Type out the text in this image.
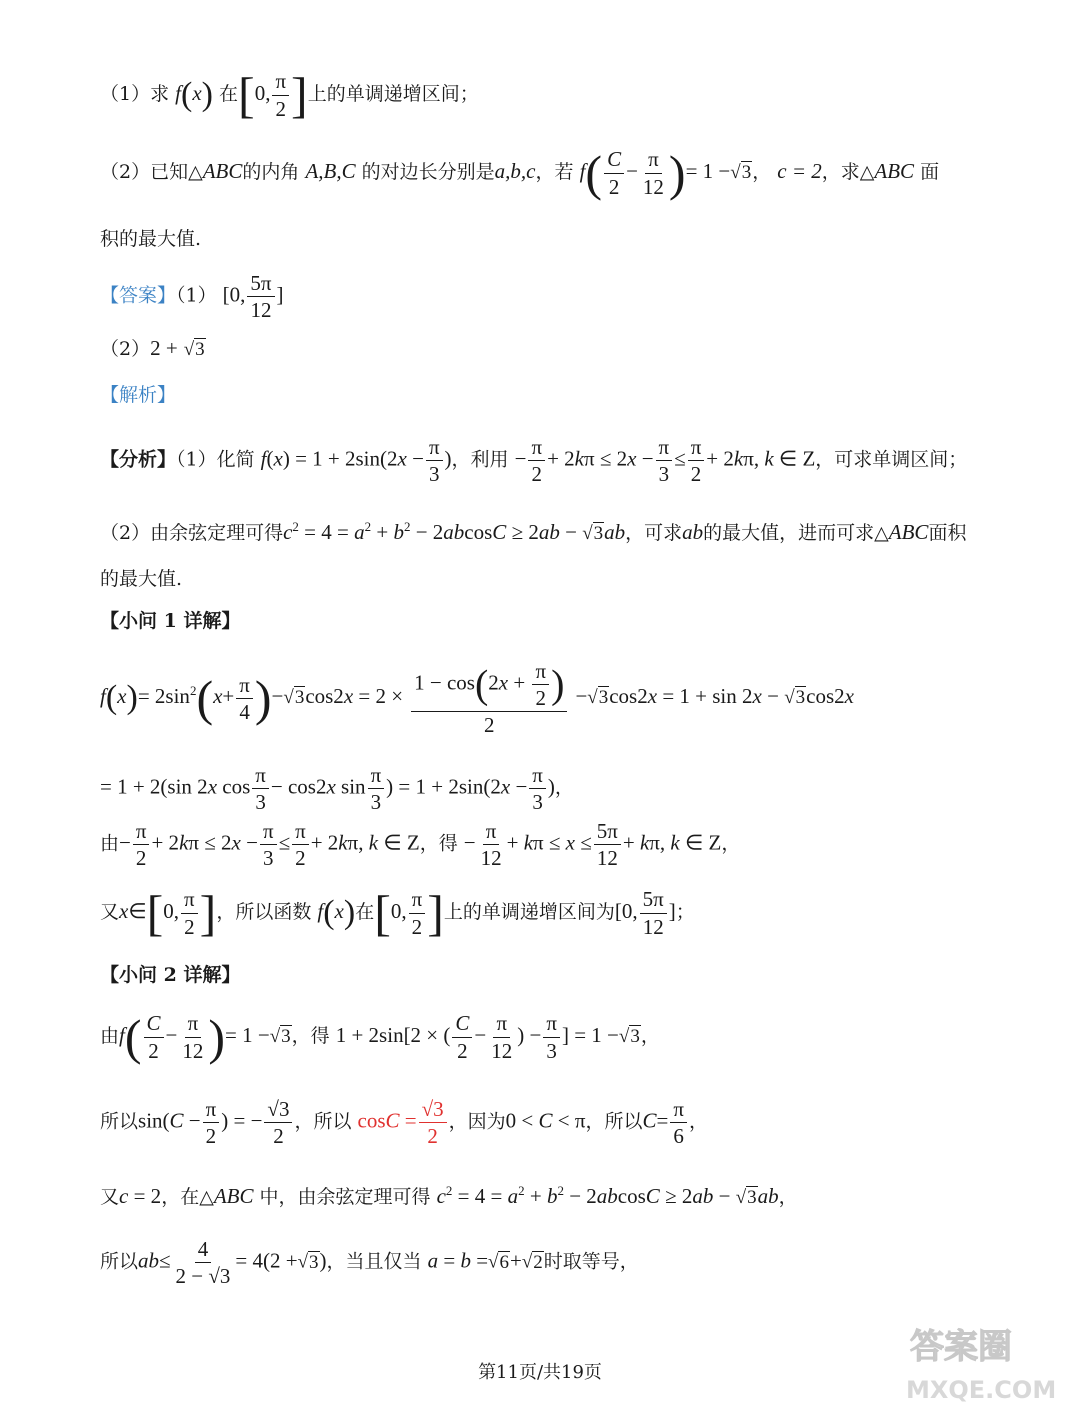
（1）求 f(x) 在[0, $\frac{\pi}{2}$ ]上的单调递增区间；
（2）已知△ABC的内角 A,B,C 的对边长分别是a,b,c，若 $f( \frac{C}{2} - \frac{\pi}{12}$ )= 1 −√3， c = 2，求△ABC 面
积的最大值.
【答案】（1） [0, $\frac{5\pi}{12}$ ]
（2）2 + √3
【解析】
【分析】（1）化简 $f(x) = 1 + 2\sin(2x - \frac{\pi}{3}$ )，利用 − $\frac{\pi}{2} + 2k\pi \le 2x - \frac{\pi}{3} \le \frac{\pi}{2} + 2k\pi$, k ∈ Z，可求单调区间；
（2）由余弦定理可得$c^2 = 4 = a^2 + b^2 - 2abcosC \ge 2ab - √3ab$，可求ab的最大值，进而可求△ABC面积
的最大值.
【小问 1 详解】
$f(x)= 2\sin^2(x+ \frac{\pi}{4} )-√3\cos 2x = 2 \times \frac{1 - \cos(2x + \frac{\pi}{2} )}{2} -√3\cos 2x = 1 + \sin 2x - √3\cos 2x$
= 1 + 2(sin 2x $\cos \frac{\pi}{3} - \cos 2x$ $\sin \frac{\pi}{3}$ ) = $1 + 2\sin(2x - \frac{\pi}{3}$ )，
由− $\frac{\pi}{2} + 2k\pi \le 2x - \frac{\pi}{3} \le \frac{\pi}{2} + 2k\pi$, k ∈ Z，得 − $\frac{\pi}{12} + k\pi \le x \le \frac{5\pi}{12} + k\pi$, k ∈ Z，
又x∈[0, $\frac{\pi}{2}$ ]，所以函数 f(x)在[0, $\frac{\pi}{2}$ ]上的单调递增区间为[0, $\frac{5\pi}{12}$ ]；
【小问 2 详解】
由$f( \frac{C}{2} - \frac{\pi}{12}$ )= 1 −√3，得 1 + 2sin[2 × ( $\frac{C}{2} - \frac{\pi}{12}$ ) − $\frac{\pi}{3}$ ] = 1 −√3，
所以$\sin(C - \frac{\pi}{2}$ ) = − $\frac{√3}{2}$ ，所以 $\cos C = \frac{√3}{2}$ ，因为0 < C < π，所以$C= \frac{\pi}{6}$ ，
又c = 2，在△ABC 中，由余弦定理可得 $c^2 = 4 = a^2 + b^2 - 2abcosC \ge 2ab - √3ab$，
所以$ab\le \frac{4}{2 - √3} = 4(2 +√3)$，当且仅当 a = b =√6+√2时取等号，
第11页/共19页
答案圈
MXQE.COM
